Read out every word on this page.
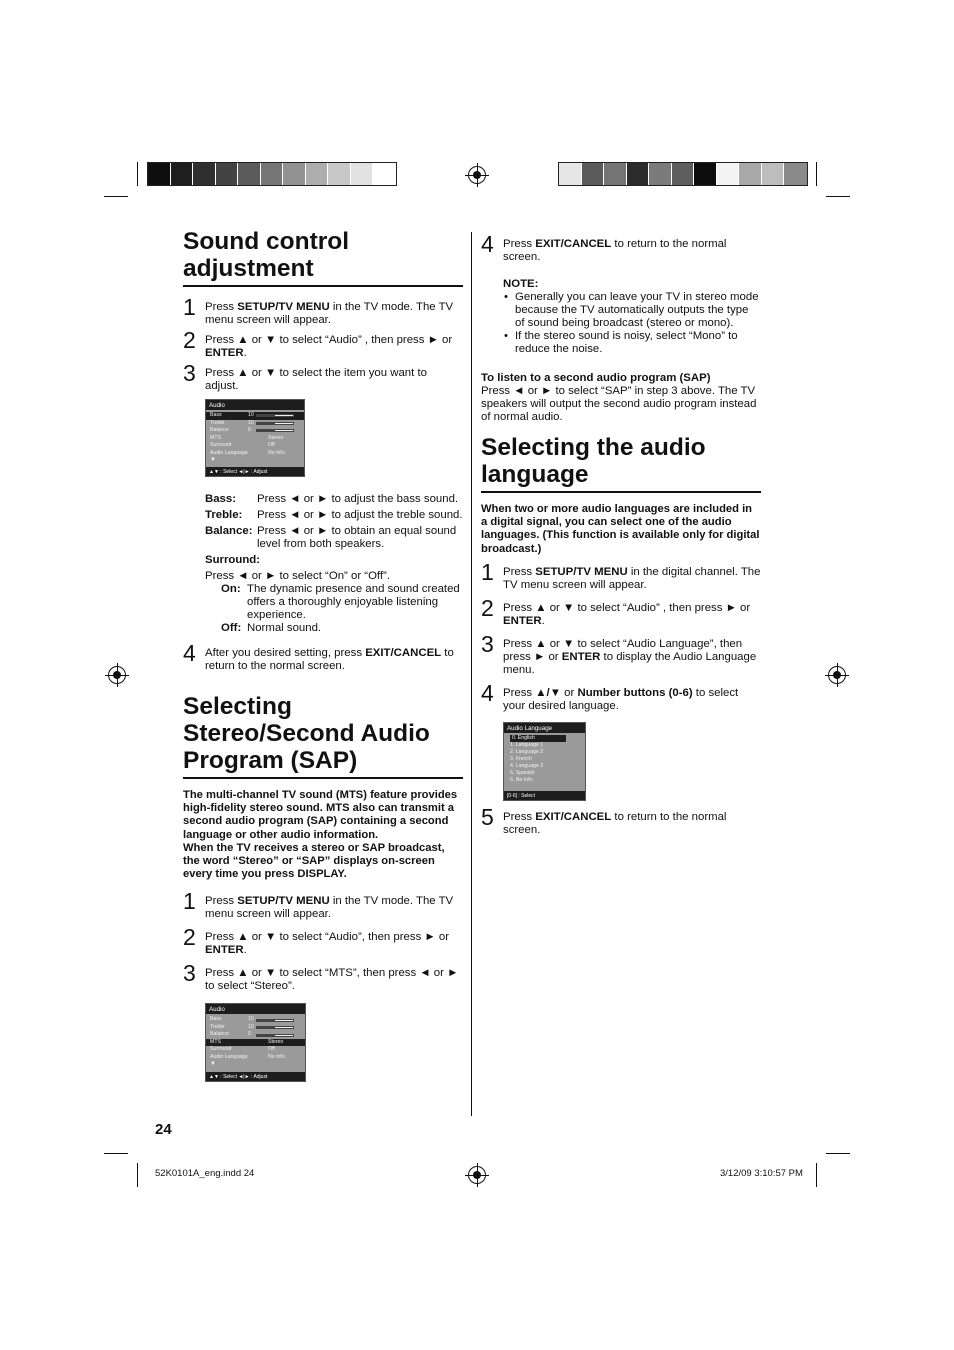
Sound control adjustment
1 Press SETUP/TV MENU in the TV mode. The TV menu screen will appear.
2 Press ▲ or ▼ to select “Audio” , then press ► or ENTER.
3 Press ▲ or ▼ to select the item you want to adjust.
Audio
Bass	10
Treble	10
Balance	0
MTS	Stereo
Surround	Off
Audio Language	No Info.
▼
▲▼ : Select ◄|► : Adjust
Bass:	Press ◄ or ► to adjust the bass sound.
Treble:	Press ◄ or ► to adjust the treble sound.
Balance: Press ◄ or ► to obtain an equal sound level from both speakers.
Surround:
Press ◄ or ► to select “On” or “Off”.
On: The dynamic presence and sound created offers a thoroughly enjoyable listening experience.
Off: Normal sound.
4 After you desired setting, press EXIT/CANCEL to return to the normal screen.
Selecting Stereo/Second Audio Program (SAP)
The multi-channel TV sound (MTS) feature provides high-fidelity stereo sound. MTS also can transmit a second audio program (SAP) containing a second language or other audio information.
When the TV receives a stereo or SAP broadcast, the word “Stereo” or “SAP” displays on-screen every time you press DISPLAY.
1 Press SETUP/TV MENU in the TV mode. The TV menu screen will appear.
2 Press ▲ or ▼ to select “Audio”, then press ► or ENTER.
3 Press ▲ or ▼ to select “MTS”, then press ◄ or ► to select “Stereo”.
Audio
Bass	10
Treble	10
Balance	0
MTS	Stereo
Surround	Off
Audio Language	No Info.
▼
▲▼ : Select ◄|► : Adjust
4 Press EXIT/CANCEL to return to the normal screen.
NOTE:
• Generally you can leave your TV in stereo mode because the TV automatically outputs the type of sound being broadcast (stereo or mono).
• If the stereo sound is noisy, select “Mono” to reduce the noise.

To listen to a second audio program (SAP)

Press ◄ or ► to select “SAP” in step 3 above. The TV speakers will output the second audio program instead of normal audio.

Selecting the audio language
When two or more audio languages are included in a digital signal, you can select one of the audio languages. (This function is available only for digital broadcast.)
1 Press SETUP/TV MENU in the digital channel. The TV menu screen will appear.
2 Press ▲ or ▼ to select “Audio” , then press ► or ENTER.
3 Press ▲ or ▼ to select “Audio Language”, then press ► or ENTER to display the Audio Language menu.
4 Press ▲/▼ or Number buttons (0-6) to select your desired language.
Audio Language
0. English
1. Language 1
2. Language 2
3. French
4. Language 3
5. Spanish
6. No Info.
[0-6] : Select
5 Press EXIT/CANCEL to return to the normal screen.
24
52K0101A_eng.indd 24	3/12/09 3:10:57 PM
